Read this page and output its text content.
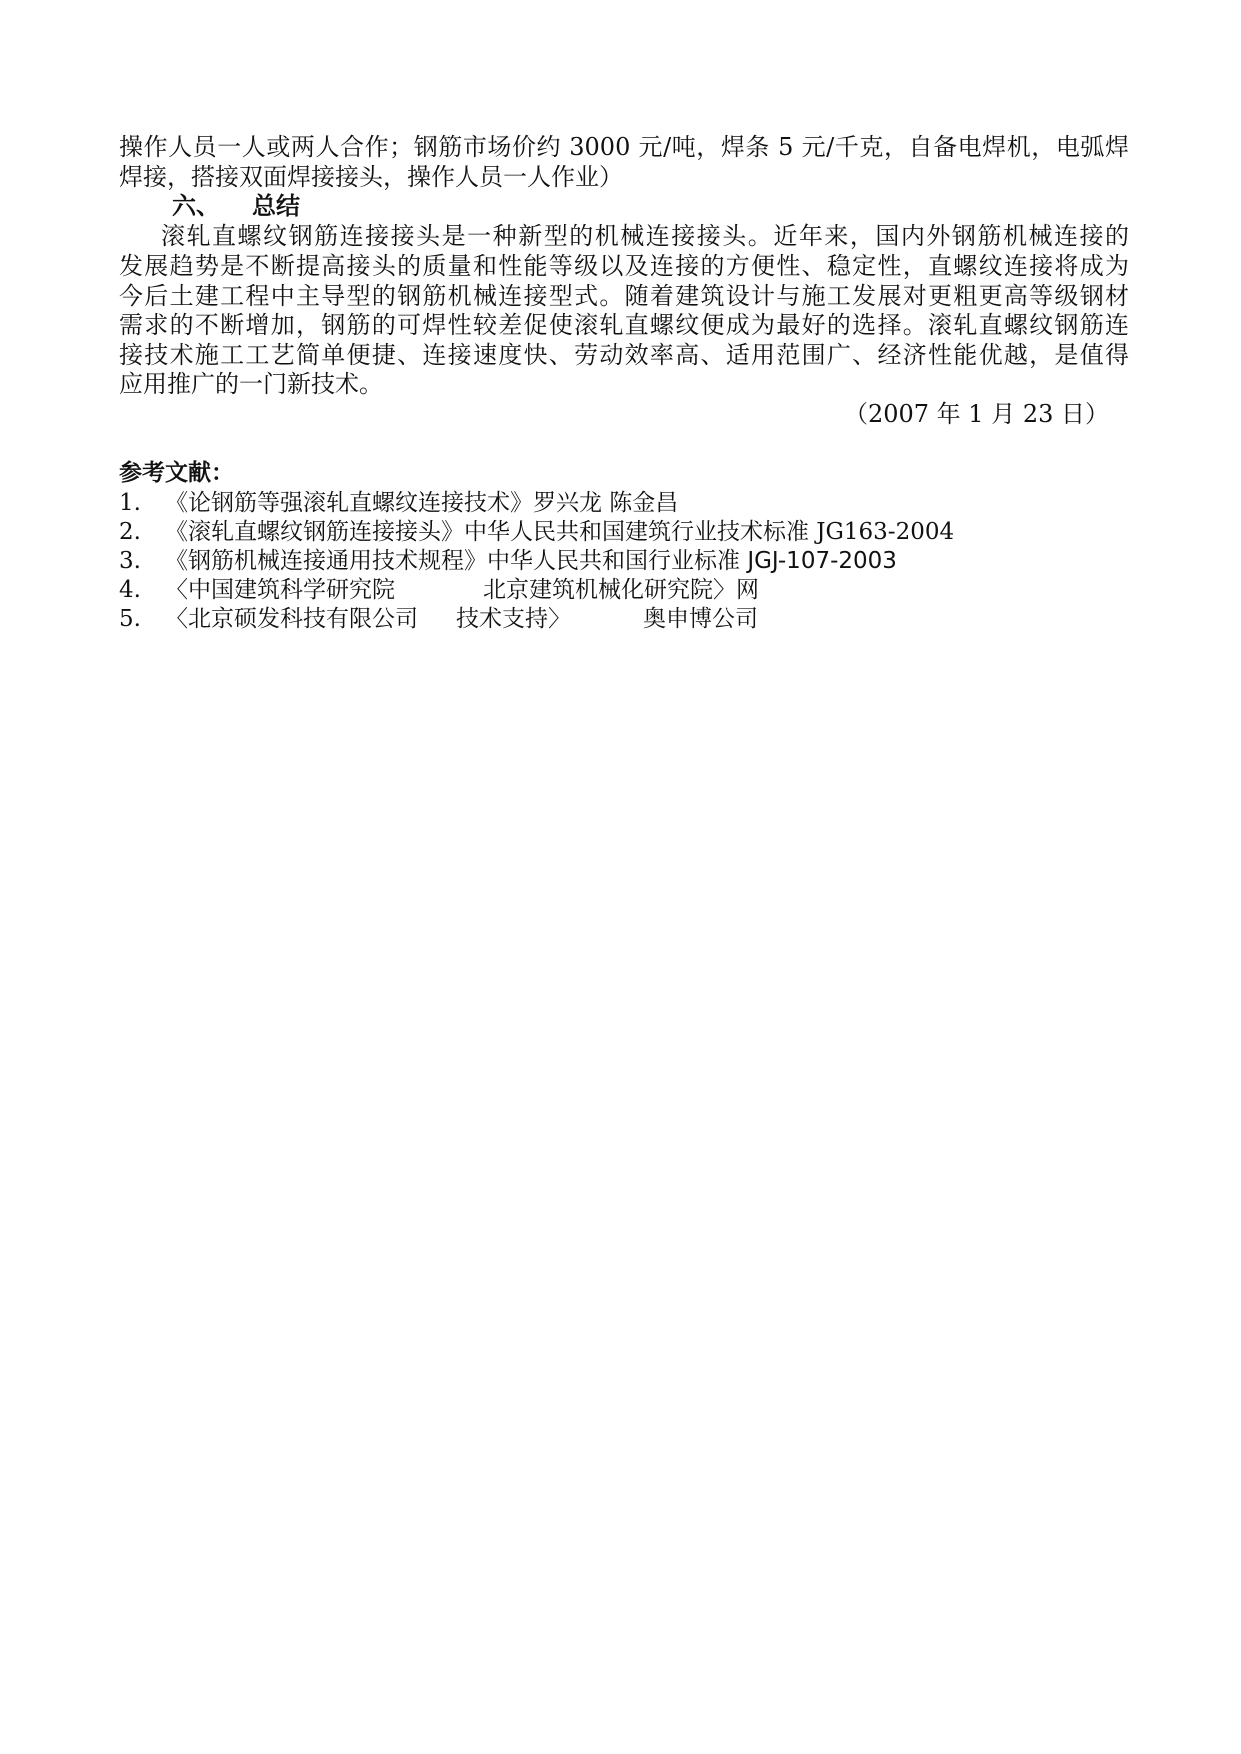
操作人员一人或两人合作；钢筋市场价约 3000 元/吨，焊条 5 元/千克，自备电焊机，电弧焊
焊接，搭接双面焊接接头，操作人员一人作业）
六、 总结
滚轧直螺纹钢筋连接接头是一种新型的机械连接接头。近年来，国内外钢筋机械连接的
发展趋势是不断提高接头的质量和性能等级以及连接的方便性、稳定性，直螺纹连接将成为
今后土建工程中主导型的钢筋机械连接型式。随着建筑设计与施工发展对更粗更高等级钢材
需求的不断增加，钢筋的可焊性较差促使滚轧直螺纹便成为最好的选择。滚轧直螺纹钢筋连
接技术施工工艺简单便捷、连接速度快、劳动效率高、适用范围广、经济性能优越，是值得
应用推广的一门新技术。
（2007 年 1 月 23 日）
参考文献：
1. 《论钢筋等强滚轧直螺纹连接技术》罗兴龙 陈金昌
2. 《滚轧直螺纹钢筋连接接头》中华人民共和国建筑行业技术标准 JG163-2004
3. 《钢筋机械连接通用技术规程》中华人民共和国行业标准 JGJ-107-2003
4. 〈中国建筑科学研究院	北京建筑机械化研究院〉网
5. 〈北京硕发科技有限公司 技术支持〉	奥申博公司
